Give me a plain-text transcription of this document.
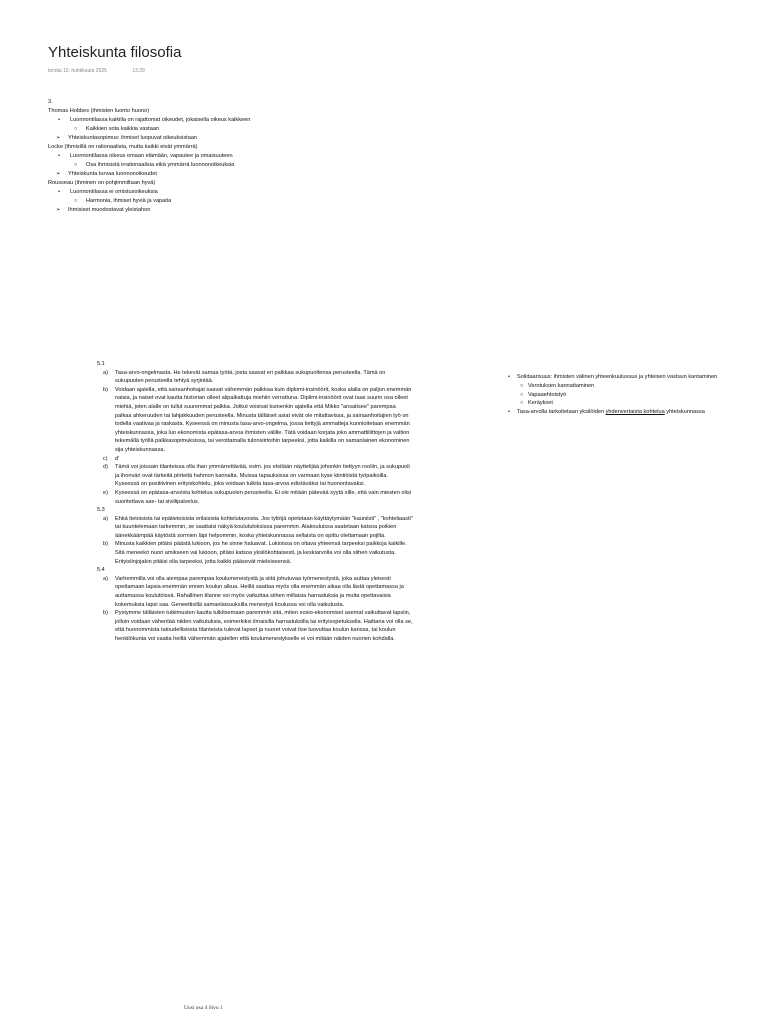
Yhteiskunta filosofia
torstai 10. huhtikuuta 2025	13.29
3.
Thomas Hobbes (ihmisten luonto huono)
• Luonnontilassa kaikilla on rajattomat oikeudet, jokaisella oikeus kaikkeen
○ Kaikkien sota kaikkia vastaan
➢ Yhteiskuntasopimus: ihmiset luopuvat oikeuksistaan
Locke (Ihmisillä on rationaalista, mutta kaikki eivät ymmärrä)
• Luonnontilassa oikeus omaan elämään, vapautee ja omaisuuteen
○ Osa ihmisistä irrationaalisia eikä ymmärrä luonnonoikeuksia
➢ Yhteiskunta turvaa luonnonoikeudet
Rousseau (ihminen on pohjimmiltaan hyvä)
• Luonnontilassa ei omistusoikeuksia
○ Harmonia, ihmiset hyviä ja vapaita
➢ Ihmisiset muodostavat yleistahon
5.1
a) Tasa-arvo-ongelmasta. He tekevät samaa työtä, josta saavat eri palkkaa sukupuoltensa perusteella. Tämä on sukupuolen perusteella tehtyä syrjintää.

b) Voidaan ajatella, että sairaanhoitajat saavat vähemmän palkkaa kuin diplomi-insinöörit, koska alalla on paljon enemmän naisia, ja naiset ovat kautta historian olleet alipalkattuja miehiin verrattuna. Diplimi-insinöörit ovat taas suurin osa olleet miehiä, joten alalle on tullut suuremmat palkka. Jotkut voisivat kuinenkin ajatella että Mikko "ansaitsee" parempaa palkaa ahkeruuden tai lahjakkuuden perusteella. Minusta tälläiset asiat eivät ole mitattavissa, ja sairaanhoitajien työ on todella vaativaa ja raskasta. Kyseessä on minusta tasa-arvo-ongelma, jossa tiettyjä ammatteja kunnioitetaan enemmän yhteiskunnassa, joka luo ekonomista epätasa-arvoa ihmisten välille. Tätä voidaan korjata joko ammattiliittojen ja valtion tekemällä työllä palkkasopimuksissa, tai verottamalla tulonsiirtoihin tarpeeksi, jotta kaikilla on samanlainen ekonominen sija yhteiskunnassa.

c) d'

d) Tämä voi joissain tilanteissa olla ihan ymmärrettävää, esim. jos etsitään näyttelijää johonkin tiettyyn rooliin, ja sukupuoli ja ihonväri ovat tärkeitä piirteitä hahmon kannalta. Muissa tapauksissa on varmaan kyse kiintiöistä työpaikoilla. Kyseessä on positiivinen erityiskohtelu, joka voidaan tulkita tasa-arvoa edistäväksi tai huonontavaksi.

e) Kyseessä on epätasa-arvoista kohtelua sukupuolen perusteella. Ei ole mitään pätevää syytä sille, että vain miesten olisi suoritettava ase- tai siviilipalvelus.

5.3
a) Ehkä tietoisista tai epätietoisista erilaisista kohtelutavoista. Jos tyttöjä opetetaan käyttäytymään "kauniisti" , "kohteliaasti" tai kuuntelemaan tarkemmin, se saattaisi näkyä koulutuloksissa paremmin. Alakouluissa saatetaan katsoa poikien äänekkäämpää käytöstä sormien läpi helpommin, koska yhteiskunnassa sellaista on opittu olettamaan pojilta.

b) Minusta kaikkien pitäisi päästä lukioon, jos he sinne haluavat. Lukioissa on oltava yhteensä tarpeeksi paikkoja kaikille. Sitä meneekö nuori amikseen vai lukioon, pitäisi katsoa yksilökohtaisesti, ja keskiarvolla voi olla siihen vaikutusta. Erityislinjojakin pitäisi olla tarpeeksi, jotta kaikki pääsevät mieleiseensä.

5.4
a) Varhemmilla voi olla aiempaa parempaa koulumenestystä ja siitä johutuvaa työmenestystä, joka auttaa yleisesti opettamaan lapsia enemmän ennen koulun alkua. Heillä saattaa myös olla enemmän aikaa olla lästä opettamassa ja auttamassa koulutöissä. Rahallinen tilanne voi myös vaikuttaa siihen millaisia harrastuksia ja muita opettavaisia kokemuksia lapsi saa. Geneettisillä samanlaisuuksilla menestyä koulussa voi olla vaikutusta.

b) Pystymme tälläisten tutkimusten kautta tulkitsemaan paremmin sitä, miten sosio-ekonomiset asemat vaikuttavat lapsiin, jolloin voidaan vähentää niiden vaikutuksia, esimerkiksi ilmaisilla harrastuksilla tai erityisopetuksella. Haittana voi olla se, että huonommista taloudellisissta tilanteista tulevat lapset ja nuoret voivat itse luovuttaa koulun kanssa, tai koulun henkilökunta voi vaatia heiltä vähemmän ajatellen että koulumenestykselle ei voi mitään näiden nuorien kohdalla.

• Solidaarisuus: ihmisten välinen yhteenkuuluvuus ja yhteisen vastuun kantaminen
○ Verotuksen kannattaminen
○ Vapaaehtoistyö
○ Keräykset
• Tasa-arvolla tarkoitetaan yksilöiden yhdenvertaista kohtelua yhteiskunnassa
Uusi osa 4 Sivu 1
